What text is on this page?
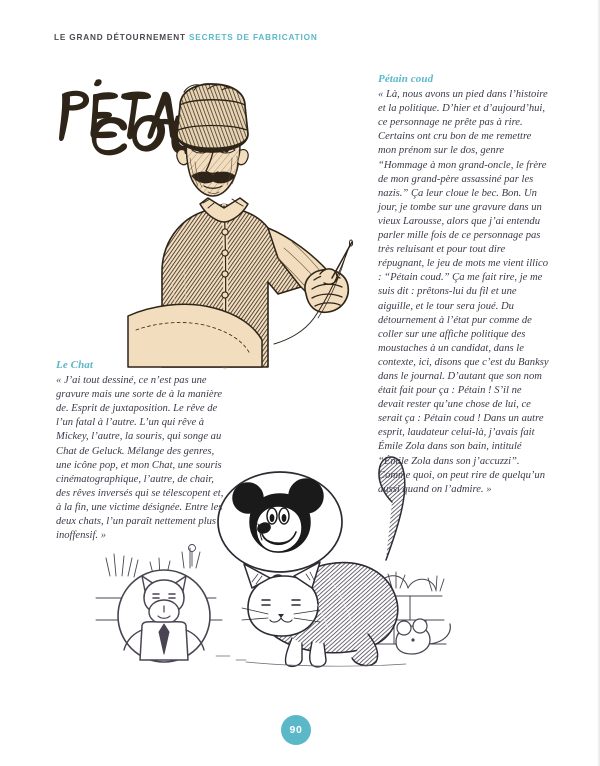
LE GRAND DÉTOURNEMENT SECRETS DE FABRICATION
Pétain coud

« Là, nous avons un pied dans l’histoire et la politique. D’hier et d’aujourd’hui, ce personnage ne prête pas à rire. Certains ont cru bon de me remettre mon prénom sur le dos, genre “Hommage à mon grand-oncle, le frère de mon grand-père assassiné par les nazis.” Ça leur cloue le bec. Bon. Un jour, je tombe sur une gravure dans un vieux Larousse, alors que j’ai entendu parler mille fois de ce personnage pas très reluisant et pour tout dire répugnant, le jeu de mots me vient illico : “Pétain coud.” Ça me fait rire, je me suis dit : prêtons-lui du fil et une aiguille, et le tour sera joué. Du détournement à l’état pur comme de coller sur une affiche politique des moustaches à un candidat, dans le contexte, ici, disons que c’est du Banksy dans le journal. D’autant que son nom était fait pour ça : Pétain ! S’il ne devait rester qu’une chose de lui, ce serait ça : Pétain coud ! Dans un autre esprit, laudateur celui-là, j’avais fait Émile Zola dans son bain, intitulé “Émile Zola dans son j’accuzzi”. Comme quoi, on peut rire de quelqu’un aussi quand on l’admire. »

Le Chat

« J’ai tout dessiné, ce n’est pas une gravure mais une sorte de à la manière de. Esprit de juxtaposition. Le rêve de l’un fatal à l’autre. L’un qui rêve à Mickey, l’autre, la souris, qui songe au Chat de Geluck. Mélange des genres, une icône pop, et mon Chat, une souris cinématographique, l’autre, de chair, des rêves inversés qui se télescopent et, à la fin, une victime désignée. Entre les deux chats, l’un paraît nettement plus inoffensif. »

90
